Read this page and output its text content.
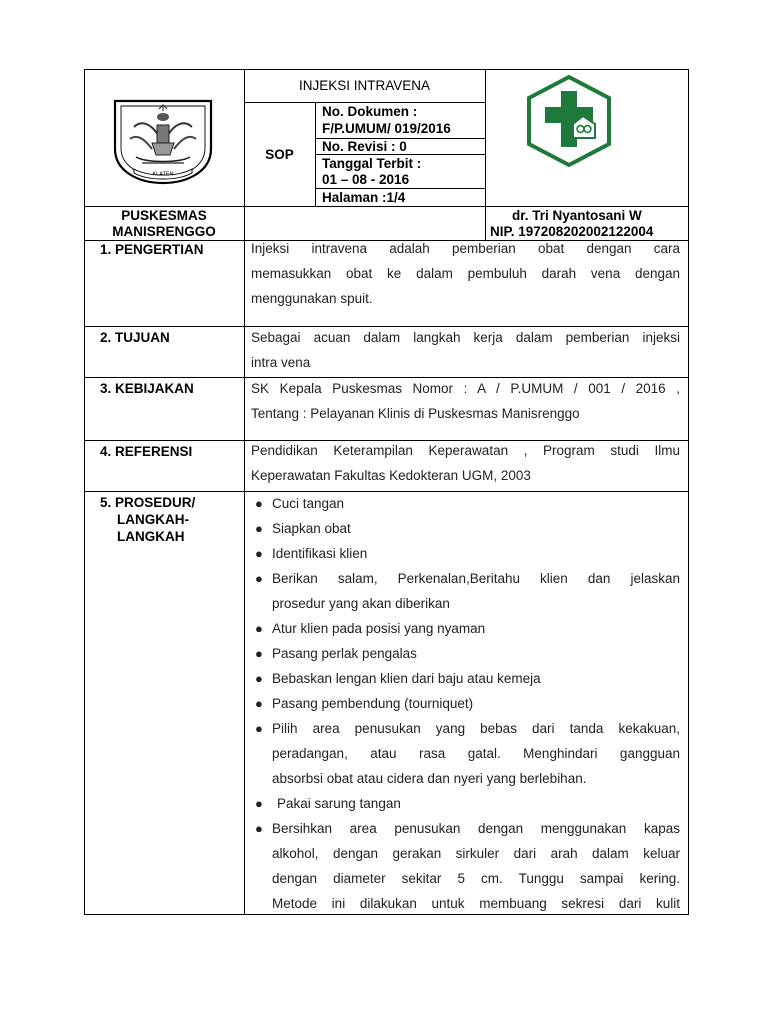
KLATEN
INJEKSI INTRAVENA
SOP
No. Dokumen :
F/P.UMUM/ 019/2016
No. Revisi : 0
Tanggal Terbit :
01 – 08 - 2016
Halaman :1/4
PUSKESMAS
MANISRENGGO
dr. Tri Nyantosani W
NIP. 197208202002122004
1. PENGERTIAN
2. TUJUAN
3. KEBIJAKAN
4. REFERENSI
5. PROSEDUR/
LANGKAH-
LANGKAH
Injeksi intravena adalah pemberian obat dengan cara
memasukkan obat ke dalam pembuluh darah vena dengan
menggunakan spuit.
Sebagai acuan dalam langkah kerja dalam pemberian injeksi
intra vena
SK Kepala Puskesmas Nomor : A / P.UMUM / 001 / 2016 ,
Tentang : Pelayanan Klinis di Puskesmas Manisrenggo
Pendidikan Keterampilan Keperawatan , Program studi Ilmu
Keperawatan Fakultas Kedokteran UGM, 2003
● Cuci tangan
● Siapkan obat
● Identifikasi klien
● Berikan salam, Perkenalan,Beritahu klien dan jelaskan
prosedur yang akan diberikan
● Atur klien pada posisi yang nyaman
● Pasang perlak pengalas
● Bebaskan lengan klien dari baju atau kemeja
● Pasang pembendung (tourniquet)
● Pilih area penusukan yang bebas dari tanda kekakuan,
peradangan, atau rasa gatal. Menghindari gangguan
absorbsi obat atau cidera dan nyeri yang berlebihan.
●	Pakai sarung tangan
● Bersihkan area penusukan dengan menggunakan kapas
alkohol, dengan gerakan sirkuler dari arah dalam keluar
dengan diameter sekitar 5 cm. Tunggu sampai kering.
Metode ini dilakukan untuk membuang sekresi dari kulit
